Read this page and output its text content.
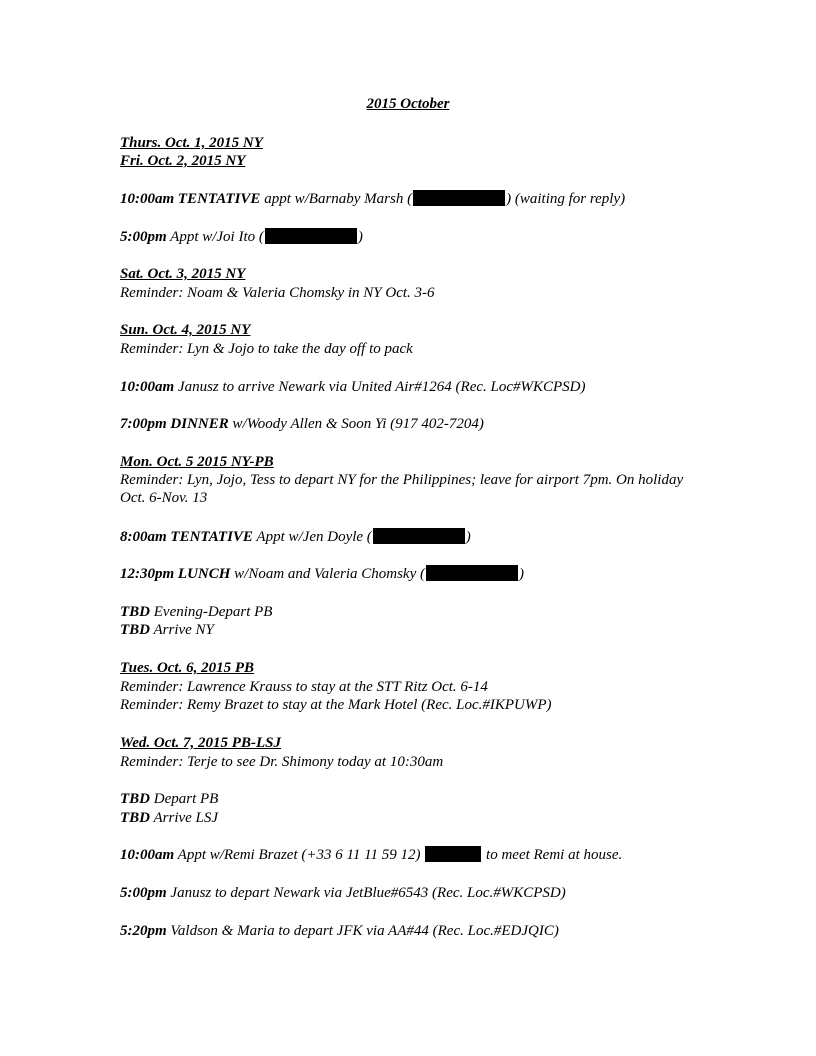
2015 October
Thurs. Oct. 1, 2015 NY
Fri. Oct. 2, 2015 NY
10:00am TENTATIVE appt w/Barnaby Marsh (	) (waiting for reply)
5:00pm Appt w/Joi Ito (	)
Sat. Oct. 3, 2015 NY
Reminder: Noam & Valeria Chomsky in NY Oct. 3-6
Sun. Oct. 4, 2015 NY
Reminder: Lyn & Jojo to take the day off to pack
10:00am Janusz to arrive Newark via United Air#1264 (Rec. Loc#WKCPSD)
7:00pm DINNER w/Woody Allen & Soon Yi (917 402-7204)
Mon. Oct. 5 2015 NY-PB
Reminder: Lyn, Jojo, Tess to depart NY for the Philippines; leave for airport 7pm. On holiday Oct. 6-Nov. 13
8:00am TENTATIVE Appt w/Jen Doyle (	)
12:30pm LUNCH w/Noam and Valeria Chomsky (	)
TBD Evening-Depart PB
TBD Arrive NY
Tues. Oct. 6, 2015 PB
Reminder: Lawrence Krauss to stay at the STT Ritz Oct. 6-14
Reminder: Remy Brazet to stay at the Mark Hotel (Rec. Loc.#IKPUWP)
Wed. Oct. 7, 2015 PB-LSJ
Reminder: Terje to see Dr. Shimony today at 10:30am
TBD Depart PB
TBD Arrive LSJ
10:00am Appt w/Remi Brazet (+33 6 11 11 59 12)	to meet Remi at house.
5:00pm Janusz to depart Newark via JetBlue#6543 (Rec. Loc.#WKCPSD)
5:20pm Valdson & Maria to depart JFK via AA#44 (Rec. Loc.#EDJQIC)
